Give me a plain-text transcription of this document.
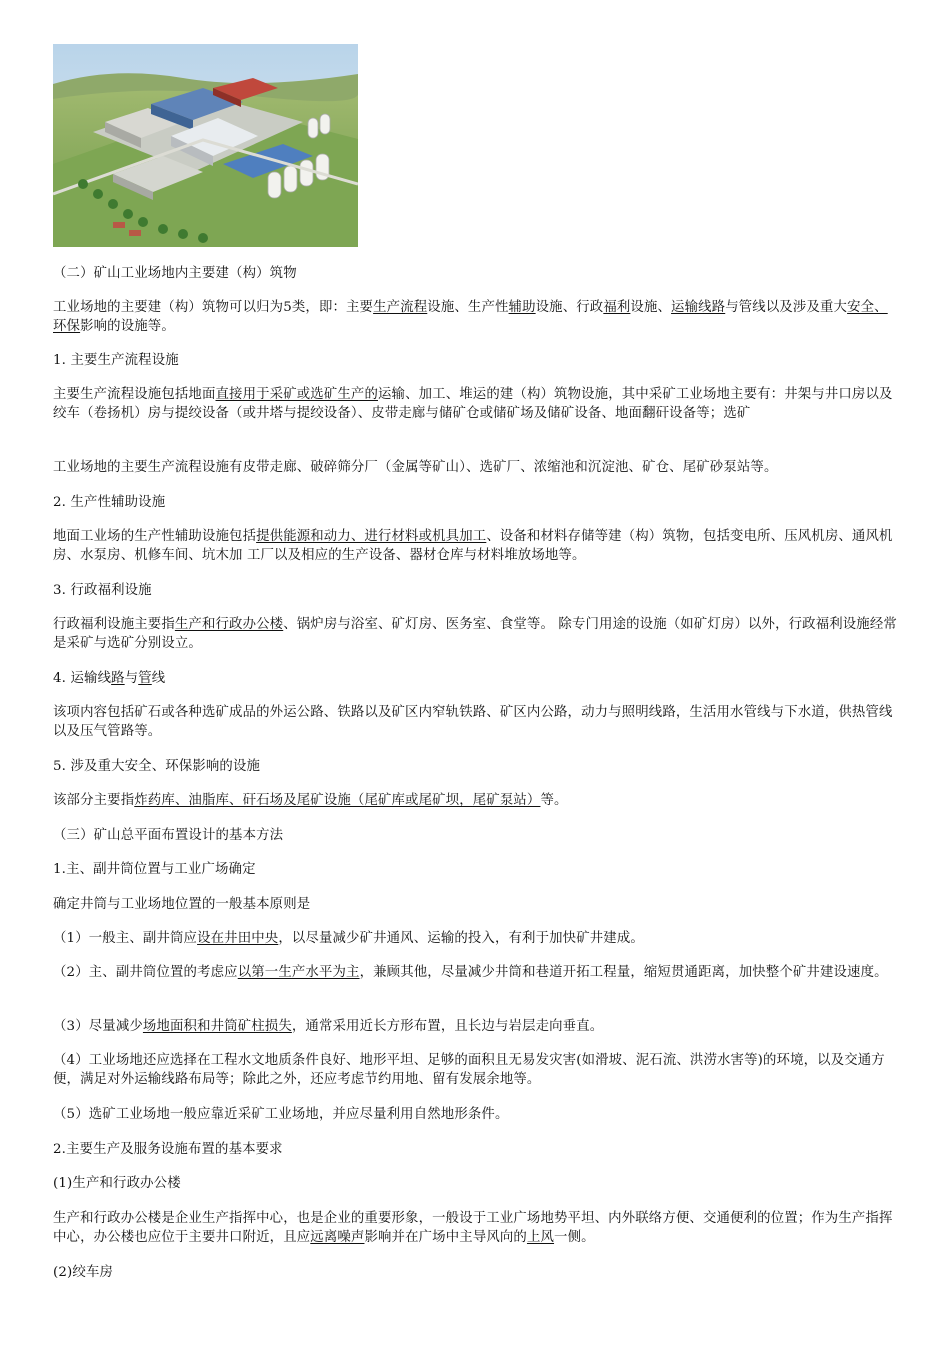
（二）矿山工业场地内主要建（构）筑物

工业场地的主要建（构）筑物可以归为5类，即：主要生产流程设施、生产性辅助设施、行政福利设施、运输线路与管线以及涉及重大安全、环保影响的设施等。

1. 主要生产流程设施

主要生产流程设施包括地面直接用于采矿或选矿生产的运输、加工、堆运的建（构）筑物设施，其中采矿工业场地主要有：井架与井口房以及绞车（卷扬机）房与提绞设备（或井塔与提绞设备）、皮带走廊与储矿仓或储矿场及储矿设备、地面翻矸设备等；选矿

工业场地的主要生产流程设施有皮带走廊、破碎筛分厂（金属等矿山）、选矿厂、浓缩池和沉淀池、矿仓、尾矿砂泵站等。

2. 生产性辅助设施

地面工业场的生产性辅助设施包括提供能源和动力、进行材料或机具加工、设备和材料存储等建（构）筑物，包括变电所、压风机房、通风机房、水泵房、机修车间、坑木加 工厂以及相应的生产设备、器材仓库与材料堆放场地等。

3. 行政福利设施

行政福利设施主要指生产和行政办公楼、锅炉房与浴室、矿灯房、医务室、食堂等。 除专门用途的设施（如矿灯房）以外，行政福利设施经常是采矿与选矿分别设立。

4. 运输线路与管线

该项内容包括矿石或各种选矿成品的外运公路、铁路以及矿区内窄轨铁路、矿区内公路，动力与照明线路，生活用水管线与下水道，供热管线以及压气管路等。

5. 涉及重大安全、环保影响的设施

该部分主要指炸药库、油脂库、矸石场及尾矿设施（尾矿库或尾矿坝，尾矿泵站）等。

（三）矿山总平面布置设计的基本方法

1.主、副井筒位置与工业广场确定

确定井筒与工业场地位置的一般基本原则是

（1）一般主、副井筒应设在井田中央，以尽量减少矿井通风、运输的投入，有利于加快矿井建成。

（2）主、副井筒位置的考虑应以第一生产水平为主，兼顾其他，尽量减少井筒和巷道开拓工程量，缩短贯通距离，加快整个矿井建设速度。

（3）尽量减少场地面积和井筒矿柱损失，通常采用近长方形布置，且长边与岩层走向垂直。

（4）工业场地还应选择在工程水文地质条件良好、地形平坦、足够的面积且无易发灾害(如滑坡、泥石流、洪涝水害等)的环境，以及交通方便，满足对外运输线路布局等；除此之外，还应考虑节约用地、留有发展余地等。

（5）选矿工业场地一般应靠近采矿工业场地，并应尽量利用自然地形条件。

2.主要生产及服务设施布置的基本要求

(1)生产和行政办公楼

生产和行政办公楼是企业生产指挥中心，也是企业的重要形象，一般设于工业广场地势平坦、内外联络方便、交通便利的位置；作为生产指挥中心，办公楼也应位于主要井口附近，且应远离噪声影响并在广场中主导风向的上风一侧。

(2)绞车房
